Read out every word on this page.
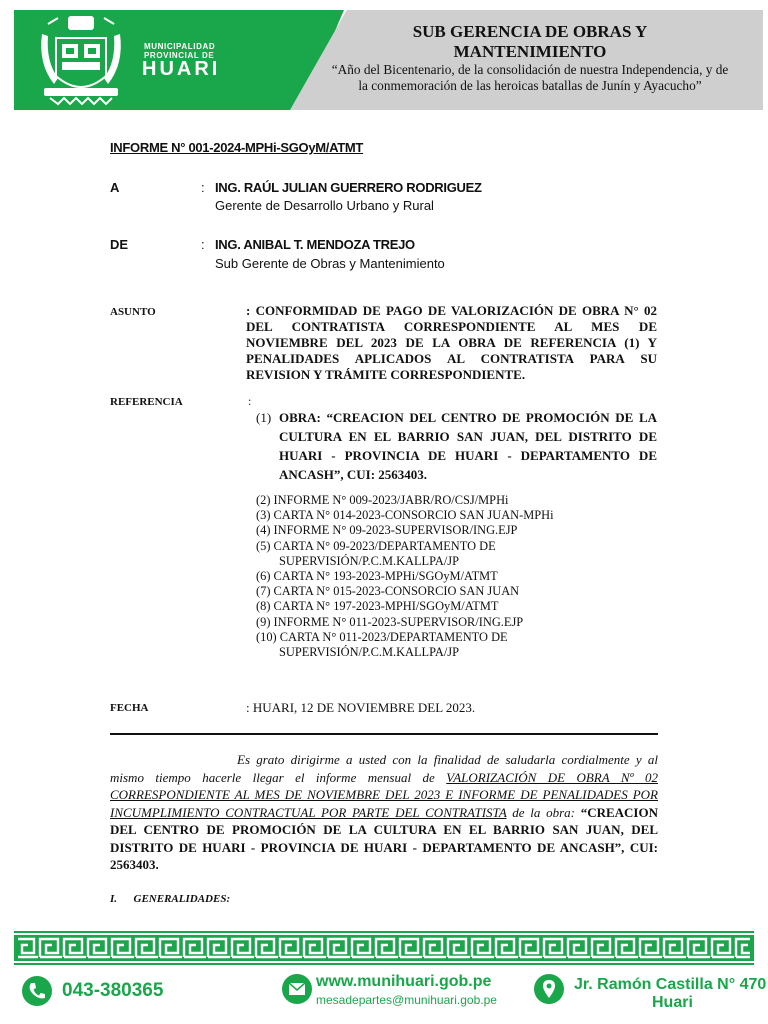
MUNICIPALIDAD
PROVINCIAL DE
HUARI
SUB GERENCIA DE OBRAS Y MANTENIMIENTO
“Año del Bicentenario, de la consolidación de nuestra Independencia, y de la conmemoración de las heroicas batallas de Junín y Ayacucho”
INFORME N° 001-2024-MPHi-SGOyM/ATMT
A	: ING. RAÚL JULIAN GUERRERO RODRIGUEZ
Gerente de Desarrollo Urbano y Rural
DE	: ING. ANIBAL T. MENDOZA TREJO
Sub Gerente de Obras y Mantenimiento
ASUNTO	: CONFORMIDAD DE PAGO DE VALORIZACIÓN DE OBRA N° 02 DEL CONTRATISTA CORRESPONDIENTE AL MES DE NOVIEMBRE DEL 2023 DE LA OBRA DE REFERENCIA (1) Y PENALIDADES APLICADOS AL CONTRATISTA PARA SU REVISION Y TRÁMITE CORRESPONDIENTE.
REFERENCIA	:
(1) OBRA: “CREACION DEL CENTRO DE PROMOCIÓN DE LA CULTURA EN EL BARRIO SAN JUAN, DEL DISTRITO DE HUARI - PROVINCIA DE HUARI - DEPARTAMENTO DE ANCASH”, CUI: 2563403.
(2) INFORME N° 009-2023/JABR/RO/CSJ/MPHi
(3) CARTA N° 014-2023-CONSORCIO SAN JUAN-MPHi
(4) INFORME N° 09-2023-SUPERVISOR/ING.EJP
(5) CARTA N° 09-2023/DEPARTAMENTO DE
SUPERVISIÓN/P.C.M.KALLPA/JP
(6) CARTA N° 193-2023-MPHi/SGOyM/ATMT
(7) CARTA N° 015-2023-CONSORCIO SAN JUAN
(8) CARTA N° 197-2023-MPHI/SGOyM/ATMT
(9) INFORME N° 011-2023-SUPERVISOR/ING.EJP
(10) CARTA N° 011-2023/DEPARTAMENTO DE
SUPERVISIÓN/P.C.M.KALLPA/JP
FECHA	: HUARI, 12 DE NOVIEMBRE DEL 2023.
Es grato dirigirme a usted con la finalidad de saludarla cordialmente y al mismo tiempo hacerle llegar el informe mensual de VALORIZACIÓN DE OBRA Nº 02 CORRESPONDIENTE AL MES DE NOVIEMBRE DEL 2023 E INFORME DE PENALIDADES POR INCUMPLIMIENTO CONTRACTUAL POR PARTE DEL CONTRATISTA de la obra: “CREACION DEL CENTRO DE PROMOCIÓN DE LA CULTURA EN EL BARRIO SAN JUAN, DEL DISTRITO DE HUARI - PROVINCIA DE HUARI - DEPARTAMENTO DE ANCASH”, CUI: 2563403.
I.      GENERALIDADES:
043-380365	www.munihuari.gob.pe
mesadepartes@munihuari.gob.pe
Jr. Ramón Castilla N° 470
Huari
